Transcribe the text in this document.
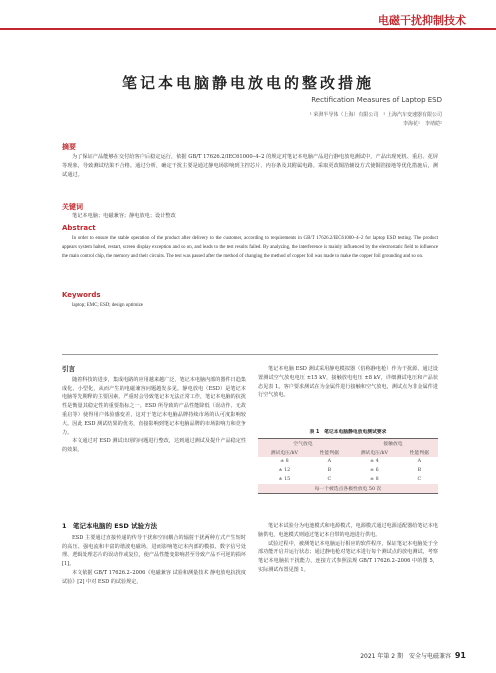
电磁干扰抑制技术
笔记本电脑静电放电的整改措施
Rectification Measures of Laptop ESD
¹ 荣湃半导体（上海）有限公司　² 上海汽车变速器有限公司
李海花¹　李靖皑²
摘要
为了保证产品能够在交付给客户后稳定运行，依据 GB/T 17626.2/IEC61000–4–2 的规定对笔记本电脑产品进行静电放电测试中，产品出现死机、重启、花屏等现象，导致测试结果不合格。通过分析，确定干扰主要是通过静电场影响到主控芯片、内存条及其附属电路。采取更改铜箔辅设方式使铜箔接地等优化措施后，测试通过。
关键词
笔记本电脑；电磁兼容；静电放电；设计整改
Abstract
In order to ensure the stable operation of the product after delivery to the customer, according to requirements in GB/T 17626.2/IEC61000–4–2 for laptop ESD testing. The product appears system halted, restart, screen display exception and so on, and leads to the test results failed. By analyzing, the interference is mainly influenced by the electrostatic field to influence the main control chip, the memory and their circuits. The test was passed after the method of changing the method of copper foil was made to make the copper foil grounding and so on.
Keywords
laptop; EMC; ESD; design optimize
引言
随着科技的进步，集成电路的应用越来越广泛，笔记本电脑内部的器件日趋集成化、小型化，从而产生的电磁兼容问题越发多见。静电放电（ESD）是笔记本电脑等先期释的主要因素，严重时会导致笔记本无法正常工作，笔记本电脑的抗扰性是衡量其稳定性的重要指标之一。ESD 所导致的产品性能降低（误动作、无故重启等）使得用户体验感变差，这对于笔记本电脑品牌持续市场的认可度影响较大。因此 ESD 测试结果的优劣，直接影响到笔记本电脑品牌的市场影响力和竞争力。
本文通过对 ESD 测试出现的问题进行整改，达到通过测试及提升产品稳定性的效果。
1　笔记本电脑的 ESD 试验方法
ESD 主要通过直接传递的传导干扰和空间耦合的辐射干扰两种方式产生短时的高压、强电流和丰富的谐波电磁场，进而影响笔记本内部的模拟、数字信号处理、逻辑处理芯片的误动作或复位，使产品性能变影响甚至导致产品不可逆的损坏 [1]。
本文依据 GB/T 17626.2–2006《电磁兼容 试验和测量技术 静电放电抗扰度试验》[2] 中对 ESD 的试验规定，
笔记本电脑 ESD 测试采用静电模拟器（俗称静电枪）作为干扰源。通过设置测试空气放电电压 ±15 kV，接触放电电压 ±8 kV，详细测试电压和产品状态见表 1。客户要求测试在为金属件进行接触和空气放电，测试点为非金属件进行空气放电。
表 1　笔记本电脑静电放电测试要求
空气放电		接触放电	
测试电压/kV	性能判据	测试电压/kV	性能判据
± 8	A	± 4	A
± 12	B	± 6	B
± 15	C	± 8	C
每一个被选点各极性放电 50 次			
笔记本试验分为电池模式和电源模式，电源模式通过电源适配器给笔记本电脑供电，电池模式则通过笔记本自带的电池进行供电。
试验过程中，被测笔记本电脑运行相应的软件程序，保证笔记本电脑处于全部功能开启并运行状态；通过静电枪对笔记本进行每个测试点的放电测试，考察笔记本电脑抗干扰能力，连接方式参照法规 GB/T 17626.2–2006 中的图 5，实际测试布置见图 1。
2021 年第 2 期　安全与电磁兼容 91
